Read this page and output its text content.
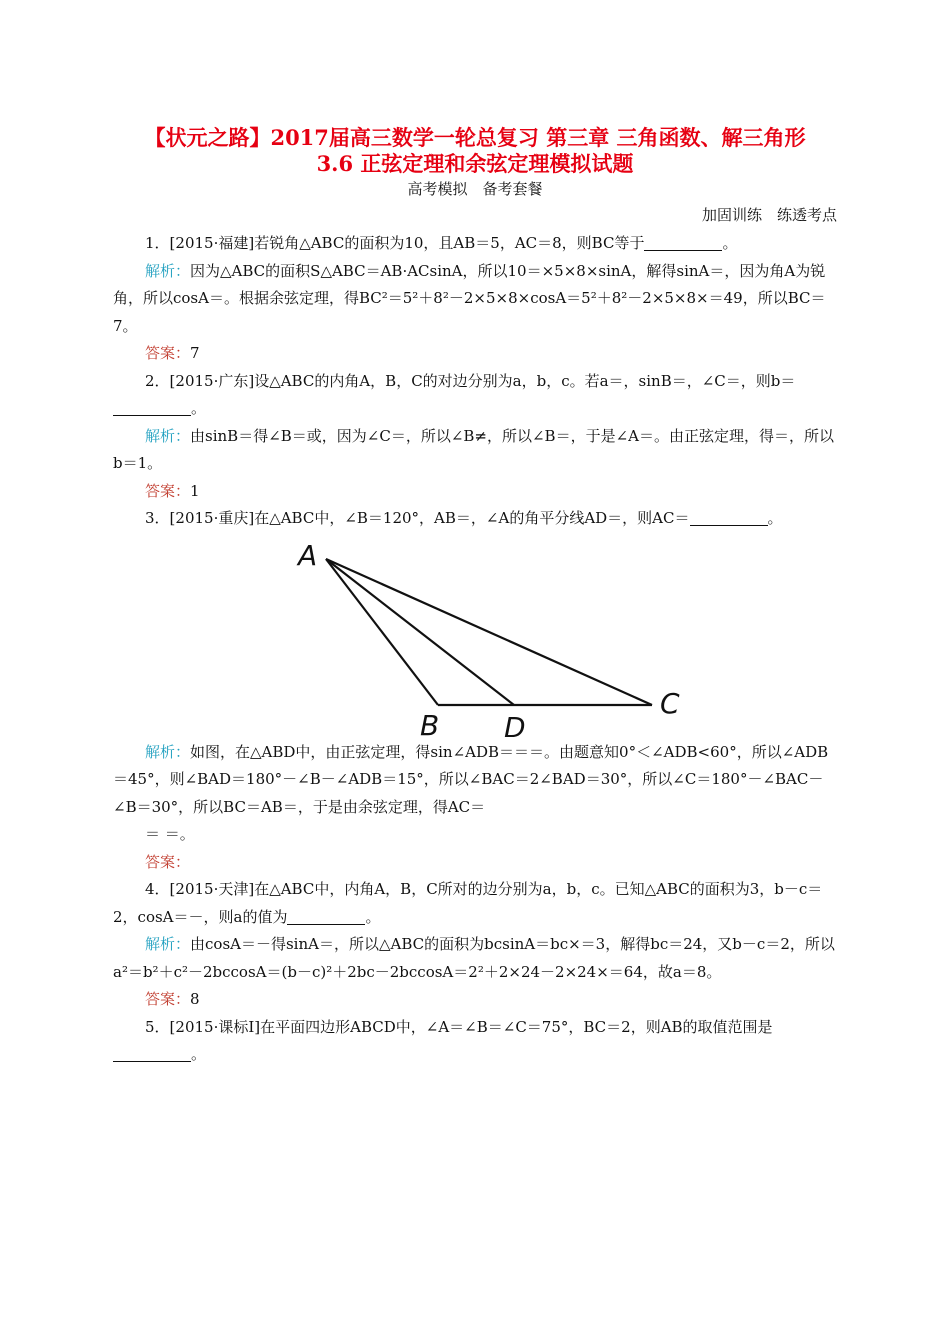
【状元之路】2017届高三数学一轮总复习 第三章 三角函数、解三角形
3.6 正弦定理和余弦定理模拟试题
高考模拟　备考套餐
加固训练　练透考点

1．[2015·福建]若锐角△ABC的面积为10，且AB＝5，AC＝8，则BC等于	。

解析：因为△ABC的面积S△ABC＝AB·ACsinA，所以10＝×5×8×sinA，解得sinA＝，因为角A为锐角，所以cosA＝。根据余弦定理，得BC²＝5²＋8²－2×5×8×cosA＝5²＋8²－2×5×8×＝49，所以BC＝7。

答案：7

2．[2015·广东]设△ABC的内角A，B，C的对边分别为a，b，c。若a＝，sinB＝，∠C＝，则b＝。

解析：由sinB＝得∠B＝或，因为∠C＝，所以∠B≠，所以∠B＝，于是∠A＝。由正弦定理，得＝，所以b＝1。

答案：1

3．[2015·重庆]在△ABC中，∠B＝120°，AB＝，∠A的角平分线AD＝，则AC＝	。

A
B D
C

解析：如图，在△ABD中，由正弦定理，得sin∠ADB＝＝＝。由题意知0°＜∠ADB<60°，所以∠ADB＝45°，则∠BAD＝180°－∠B－∠ADB＝15°，所以∠BAC＝2∠BAD＝30°，所以∠C＝180°－∠BAC－∠B＝30°，所以BC＝AB＝，于是由余弦定理，得AC＝

＝ ＝。

答案：

4．[2015·天津]在△ABC中，内角A，B，C所对的边分别为a，b，c。已知△ABC的面积为3，b－c＝2，cosA＝－，则a的值为	。

解析：由cosA＝－得sinA＝，所以△ABC的面积为bcsinA＝bc×＝3，解得bc＝24，又b－c＝2，所以a²＝b²＋c²－2bccosA＝(b－c)²＋2bc－2bccosA＝2²＋2×24－2×24×＝64，故a＝8。

答案：8

5．[2015·课标Ⅰ]在平面四边形ABCD中，∠A＝∠B＝∠C＝75°，BC＝2，则AB的取值范围是。
